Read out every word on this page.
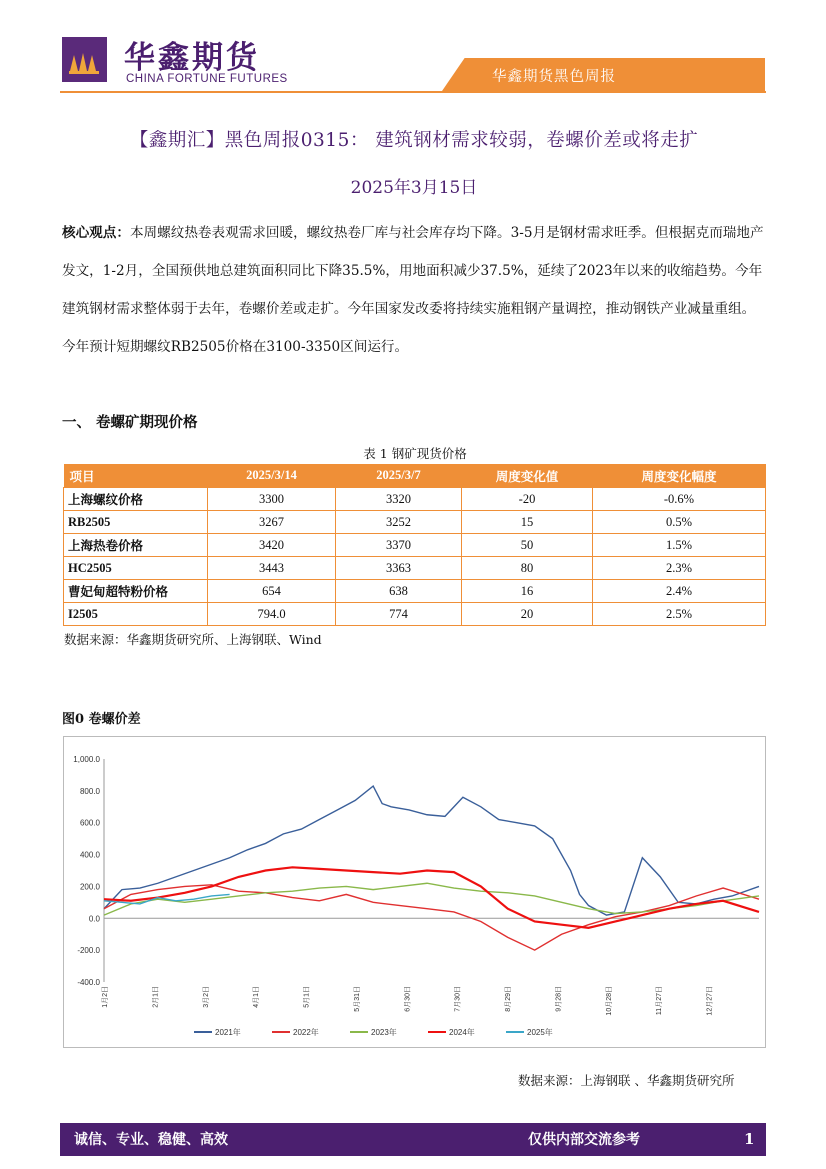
华鑫期货
CHINA FORTUNE FUTURES	华鑫期货黑色周报
【鑫期汇】黑色周报0315： 建筑钢材需求较弱，卷螺价差或将走扩
2025年3月15日
核心观点：本周螺纹热卷表观需求回暖，螺纹热卷厂库与社会库存均下降。3-5月是钢材需求旺季。但根据克而瑞地产发文，1-2月，全国预供地总建筑面积同比下降35.5%，用地面积减少37.5%，延续了2023年以来的收缩趋势。今年建筑钢材需求整体弱于去年，卷螺价差或走扩。今年国家发改委将持续实施粗钢产量调控，推动钢铁产业减量重组。今年预计短期螺纹RB2505价格在3100-3350区间运行。
一、 卷螺矿期现价格
表 1 钢矿现货价格
项目	2025/3/14	2025/3/7	周度变化值	周度变化幅度
上海螺纹价格	3300	3320	-20	-0.6%
RB2505	3267	3252	15	0.5%
上海热卷价格	3420	3370	50	1.5%
HC2505	3443	3363	80	2.3%
曹妃甸超特粉价格	654	638	16	2.4%
I2505	794.0	774	20	2.5%
数据来源：华鑫期货研究所、上海钢联、Wind
图0 卷螺价差
1,000.0
800.0
600.0
400.0
200.0
0.0
-200.0
-400.0
1月2日	2月1日	3月2日	4月1日	5月1日	5月31日	6月30日	7月30日	8月29日	9月28日	10月28日	11月27日	12月27日
2021年	2022年	2023年	2024年	2025年
数据来源：上海钢联 、华鑫期货研究所
诚信、专业、稳健、高效	仅供内部交流参考	1
